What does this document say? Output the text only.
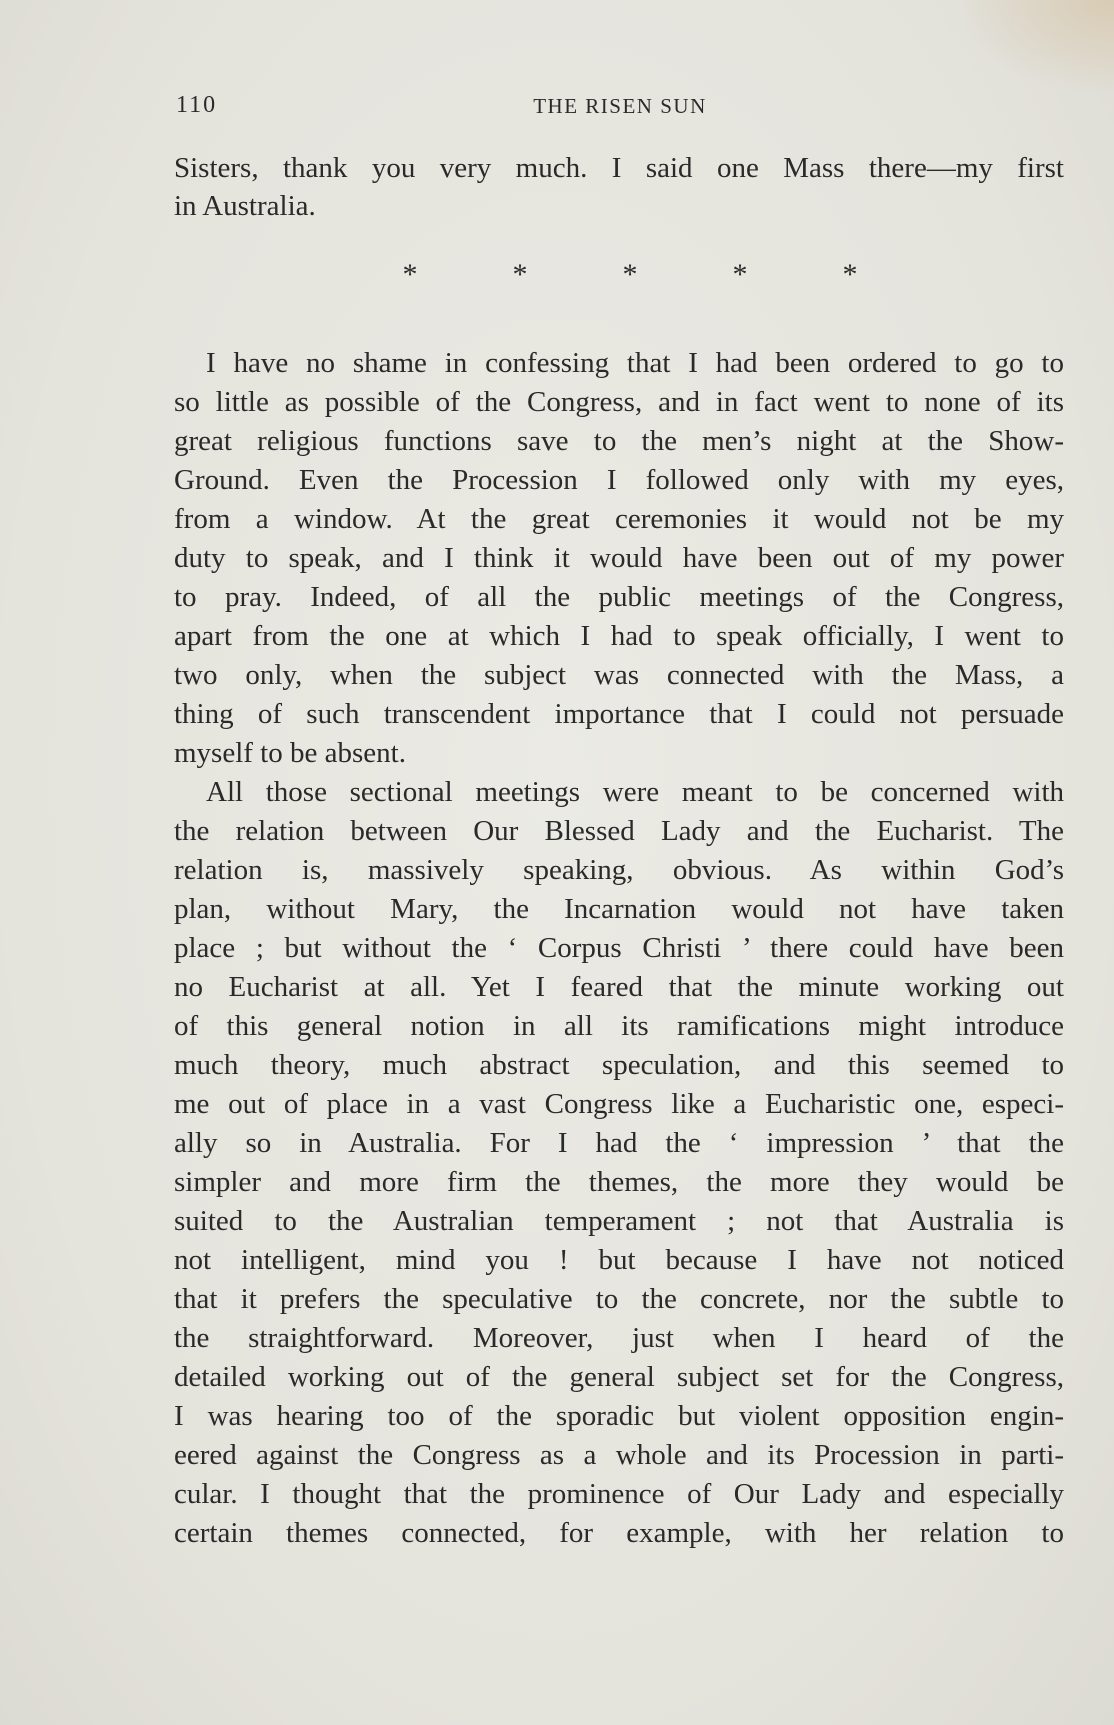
110	THE RISEN SUN
Sisters, thank you very much. I said one Mass there—my first
in Australia.
*	*	*	*	*
I have no shame in confessing that I had been ordered to go to
so little as possible of the Congress, and in fact went to none of its
great religious functions save to the men’s night at the Show-
Ground. Even the Procession I followed only with my eyes,
from a window. At the great ceremonies it would not be my
duty to speak, and I think it would have been out of my power
to pray. Indeed, of all the public meetings of the Congress,
apart from the one at which I had to speak officially, I went to
two only, when the subject was connected with the Mass, a
thing of such transcendent importance that I could not persuade
myself to be absent.
All those sectional meetings were meant to be concerned with
the relation between Our Blessed Lady and the Eucharist. The
relation is, massively speaking, obvious. As within God’s
plan, without Mary, the Incarnation would not have taken
place ; but without the ‘ Corpus Christi ’ there could have been
no Eucharist at all. Yet I feared that the minute working out
of this general notion in all its ramifications might introduce
much theory, much abstract speculation, and this seemed to
me out of place in a vast Congress like a Eucharistic one, especi-
ally so in Australia. For I had the ‘ impression ’ that the
simpler and more firm the themes, the more they would be
suited to the Australian temperament ; not that Australia is
not intelligent, mind you ! but because I have not noticed
that it prefers the speculative to the concrete, nor the subtle to
the straightforward. Moreover, just when I heard of the
detailed working out of the general subject set for the Congress,
I was hearing too of the sporadic but violent opposition engin-
eered against the Congress as a whole and its Procession in parti-
cular. I thought that the prominence of Our Lady and especially
certain themes connected, for example, with her relation to
